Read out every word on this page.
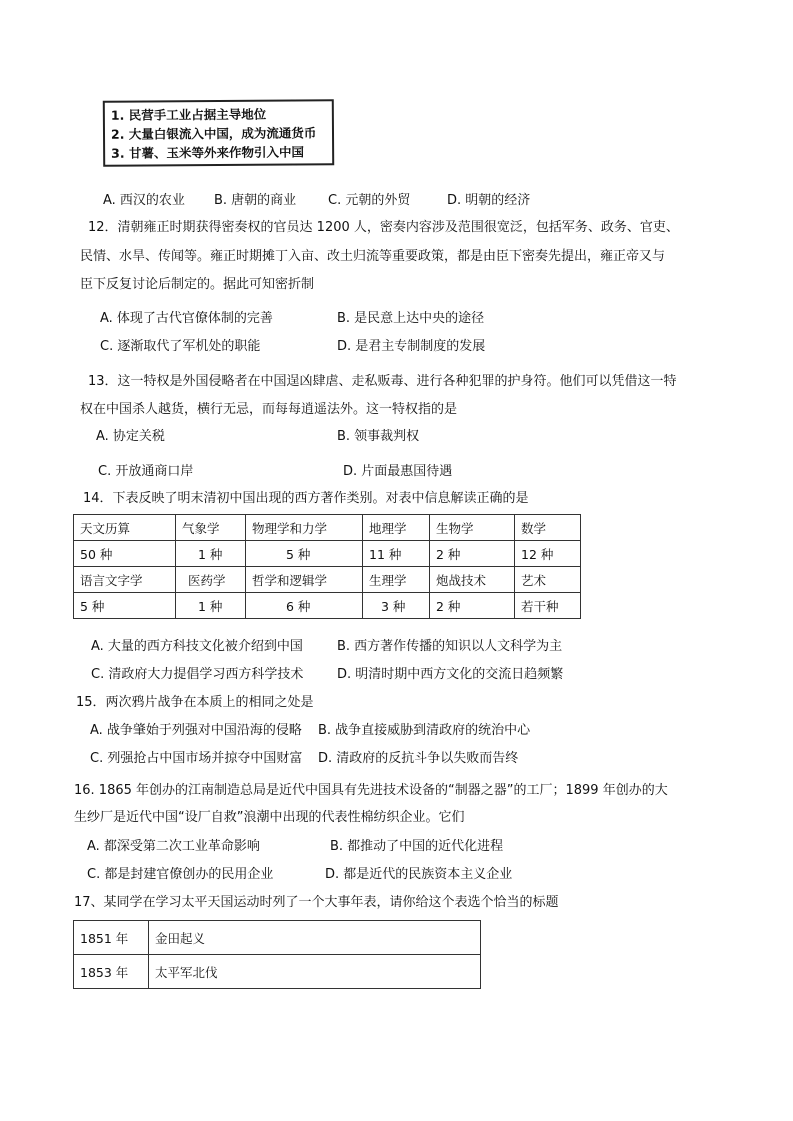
1. 民营手工业占据主导地位
2. 大量白银流入中国，成为流通货币
3. 甘薯、玉米等外来作物引入中国
A. 西汉的农业 B. 唐朝的商业 C. 元朝的外贸	D. 明朝的经济
12．清朝雍正时期获得密奏权的官员达 1200 人，密奏内容涉及范围很宽泛，包括军务、政务、官吏、
民情、水旱、传闻等。雍正时期摊丁入亩、改土归流等重要政策，都是由臣下密奏先提出，雍正帝又与
臣下反复讨论后制定的。据此可知密折制
A. 体现了古代官僚体制的完善	B. 是民意上达中央的途径
C. 逐渐取代了军机处的职能	D. 是君主专制制度的发展
13．这一特权是外国侵略者在中国逞凶肆虐、走私贩毒、进行各种犯罪的护身符。他们可以凭借这一特
权在中国杀人越货，横行无忌，而每每逍遥法外。这一特权指的是
A. 协定关税	B. 领事裁判权
C. 开放通商口岸	D. 片面最惠国待遇
14．下表反映了明末清初中国出现的西方著作类别。对表中信息解读正确的是
天文历算	气象学	物理学和力学	地理学	生物学	数学
50 种	1 种	5 种	11 种	2 种	12 种
语言文字学	医药学	哲学和逻辑学	生理学	炮战技术	艺术
5 种	1 种	6 种	3 种	2 种	若干种
A. 大量的西方科技文化被介绍到中国	B. 西方著作传播的知识以人文科学为主
C. 清政府大力提倡学习西方科学技术	D. 明清时期中西方文化的交流日趋频繁
15．两次鸦片战争在本质上的相同之处是
A. 战争肇始于列强对中国沿海的侵略 B. 战争直接威胁到清政府的统治中心
C. 列强抢占中国市场并掠夺中国财富 D. 清政府的反抗斗争以失败而告终
16. 1865 年创办的江南制造总局是近代中国具有先进技术设备的“制器之器”的工厂；1899 年创办的大
生纱厂是近代中国“设厂自救”浪潮中出现的代表性棉纺织企业。它们
A. 都深受第二次工业革命影响	B. 都推动了中国的近代化进程
C. 都是封建官僚创办的民用企业	D. 都是近代的民族资本主义企业
17、某同学在学习太平天国运动时列了一个大事年表，请你给这个表选个恰当的标题
1851 年	金田起义
1853 年	太平军北伐
